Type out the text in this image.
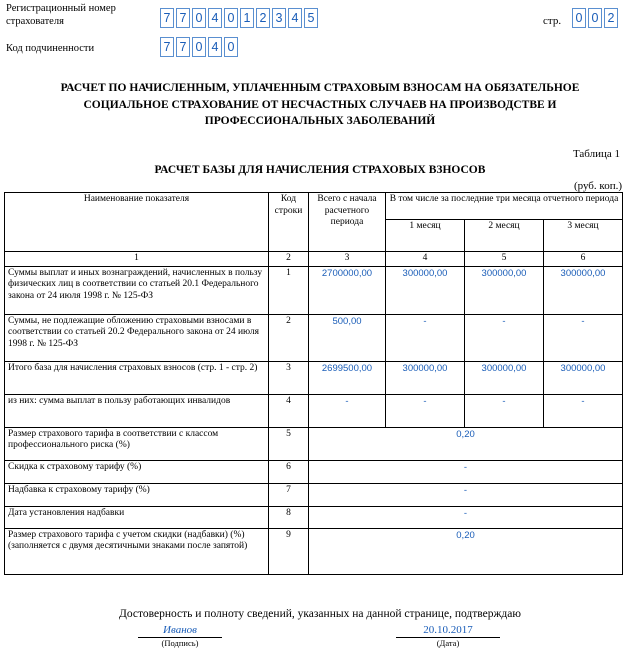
Регистрационный номер страхователя	7 7 0 4 0 1 2 3 4 5	стр. 0 0 2
Код подчиненности	7 7 0 4 0
РАСЧЕТ ПО НАЧИСЛЕННЫМ, УПЛАЧЕННЫМ СТРАХОВЫМ ВЗНОСАМ НА ОБЯЗАТЕЛЬНОЕ СОЦИАЛЬНОЕ СТРАХОВАНИЕ ОТ НЕСЧАСТНЫХ СЛУЧАЕВ НА ПРОИЗВОДСТВЕ И ПРОФЕССИОНАЛЬНЫХ ЗАБОЛЕВАНИЙ
Таблица 1
РАСЧЕТ БАЗЫ ДЛЯ НАЧИСЛЕНИЯ СТРАХОВЫХ ВЗНОСОВ
(руб. коп.)
Наименование показателя	Код строки	Всего с начала расчетного периода	В том числе за последние три месяца отчетного периода		
			1 месяц	2 месяц	3 месяц
1	2	3	4	5	6
Суммы выплат и иных вознаграждений, начисленных в пользу физических лиц в соответствии со статьей 20.1 Федерального закона от 24 июля 1998 г. № 125-ФЗ	1	2700000,00	300000,00	300000,00	300000,00
Суммы, не подлежащие обложению страховыми взносами в соответствии со статьей 20.2 Федерального закона от 24 июля 1998 г. № 125-ФЗ	2	500,00	-	-	-
Итого база для начисления страховых взносов (стр. 1 - стр. 2)	3	2699500,00	300000,00	300000,00	300000,00
из них: сумма выплат в пользу работающих инвалидов	4	-	-	-	-
Размер страхового тарифа в соответствии с классом профессионального риска (%)	5	0,20			
Скидка к страховому тарифу (%)	6	-			
Надбавка к страховому тарифу (%)	7	-			
Дата установления надбавки	8	-			
Размер страхового тарифа с учетом скидки (надбавки) (%) (заполняется с двумя десятичными знаками после запятой)	9	0,20			
Достоверность и полноту сведений, указанных на данной странице, подтверждаю
Иванов
(Подпись)
20.10.2017
(Дата)
